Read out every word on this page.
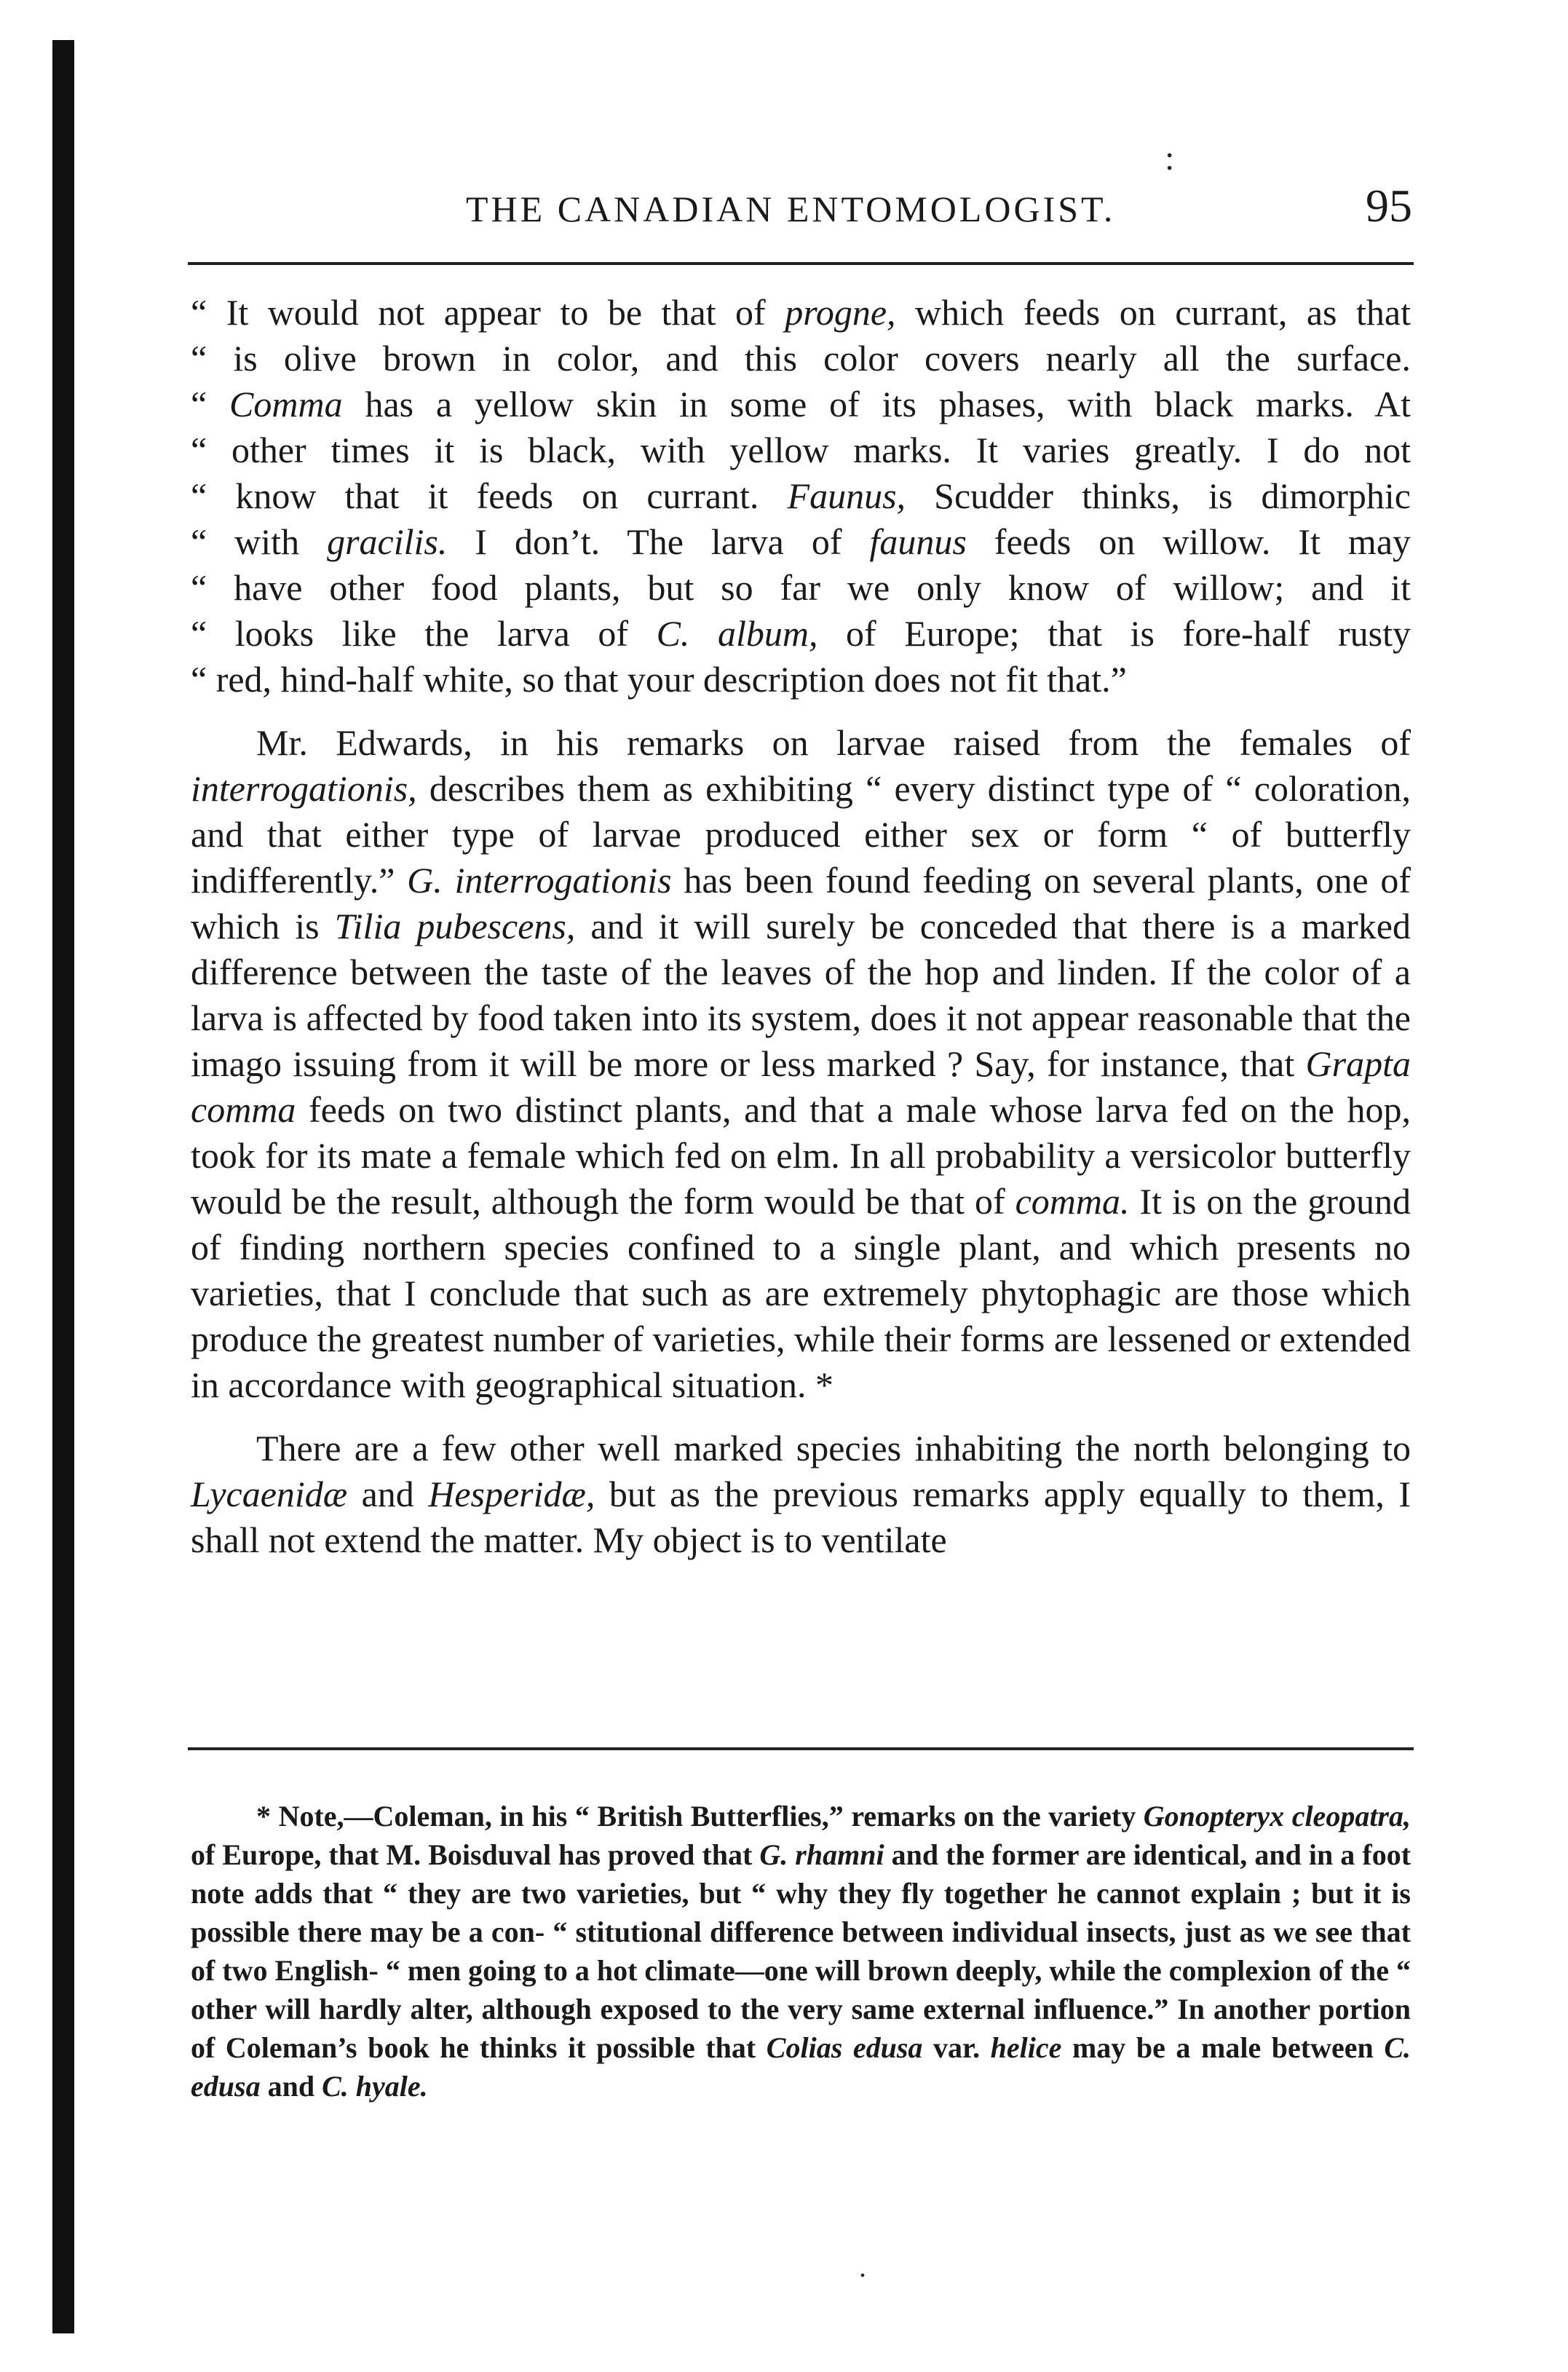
:
THE CANADIAN ENTOMOLOGIST.	95

“ It would not appear to be that of progne, which feeds on currant, as that
“ is olive brown in color, and this color covers nearly all the surface.
“ Comma has a yellow skin in some of its phases, with black marks. At
“ other times it is black, with yellow marks. It varies greatly. I do not
“ know that it feeds on currant. Faunus, Scudder thinks, is dimorphic
“ with gracilis. I don’t. The larva of faunus feeds on willow. It may
“ have other food plants, but so far we only know of willow; and it
“ looks like the larva of C. album, of Europe; that is fore-half rusty
“ red, hind-half white, so that your description does not fit that.”

Mr. Edwards, in his remarks on larvae raised from the females of interrogationis, describes them as exhibiting “ every distinct type of “ coloration, and that either type of larvae produced either sex or form “ of butterfly indifferently.” G. interrogationis has been found feeding on several plants, one of which is Tilia pubescens, and it will surely be conceded that there is a marked difference between the taste of the leaves of the hop and linden. If the color of a larva is affected by food taken into its system, does it not appear reasonable that the imago issuing from it will be more or less marked ? Say, for instance, that Grapta comma feeds on two distinct plants, and that a male whose larva fed on the hop, took for its mate a female which fed on elm. In all probability a versicolor butterfly would be the result, although the form would be that of comma. It is on the ground of finding northern species confined to a single plant, and which presents no varieties, that I conclude that such as are extremely phytophagic are those which produce the greatest number of varieties, while their forms are lessened or extended in accordance with geographical situation. *

There are a few other well marked species inhabiting the north belonging to Lycaenidæ and Hesperidæ, but as the previous remarks apply equally to them, I shall not extend the matter. My object is to ventilate

* Note,—Coleman, in his “ British Butterflies,” remarks on the variety Gonopteryx cleopatra, of Europe, that M. Boisduval has proved that G. rhamni and the former are identical, and in a foot note adds that “ they are two varieties, but “ why they fly together he cannot explain ; but it is possible there may be a con- “ stitutional difference between individual insects, just as we see that of two English- “ men going to a hot climate—one will brown deeply, while the complexion of the “ other will hardly alter, although exposed to the very same external influence.” In another portion of Coleman’s book he thinks it possible that Colias edusa var. helice may be a male between C. edusa and C. hyale.
.
